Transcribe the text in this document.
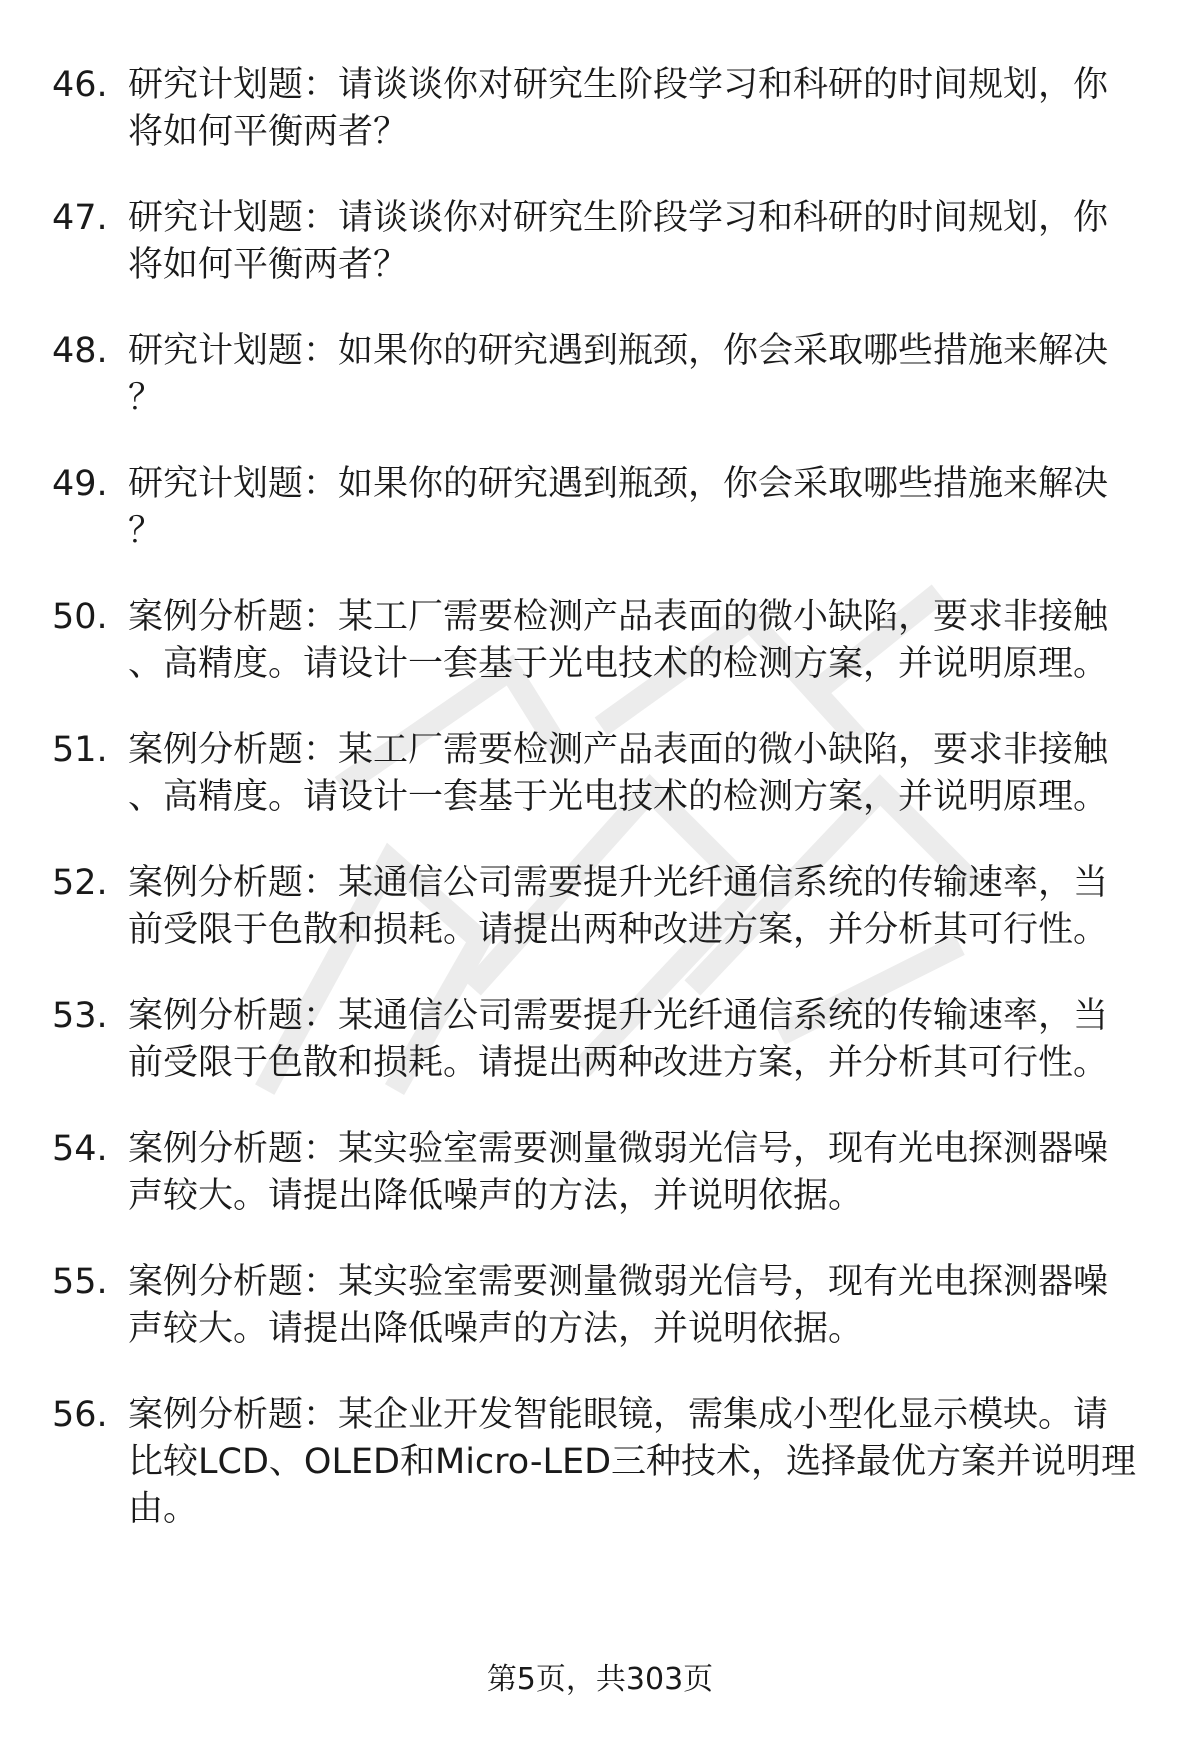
46. 研究计划题：请谈谈你对研究生阶段学习和科研的时间规划，你将如何平衡两者？
47. 研究计划题：请谈谈你对研究生阶段学习和科研的时间规划，你将如何平衡两者？
48. 研究计划题：如果你的研究遇到瓶颈，你会采取哪些措施来解决？
49. 研究计划题：如果你的研究遇到瓶颈，你会采取哪些措施来解决？
50. 案例分析题：某工厂需要检测产品表面的微小缺陷，要求非接触、高精度。请设计一套基于光电技术的检测方案，并说明原理。
51. 案例分析题：某工厂需要检测产品表面的微小缺陷，要求非接触、高精度。请设计一套基于光电技术的检测方案，并说明原理。
52. 案例分析题：某通信公司需要提升光纤通信系统的传输速率，当前受限于色散和损耗。请提出两种改进方案，并分析其可行性。
53. 案例分析题：某通信公司需要提升光纤通信系统的传输速率，当前受限于色散和损耗。请提出两种改进方案，并分析其可行性。
54. 案例分析题：某实验室需要测量微弱光信号，现有光电探测器噪声较大。请提出降低噪声的方法，并说明依据。
55. 案例分析题：某实验室需要测量微弱光信号，现有光电探测器噪声较大。请提出降低噪声的方法，并说明依据。
56. 案例分析题：某企业开发智能眼镜，需集成小型化显示模块。请比较LCD、OLED和Micro-LED三种技术，选择最优方案并说明理由。
第5页，共303页
